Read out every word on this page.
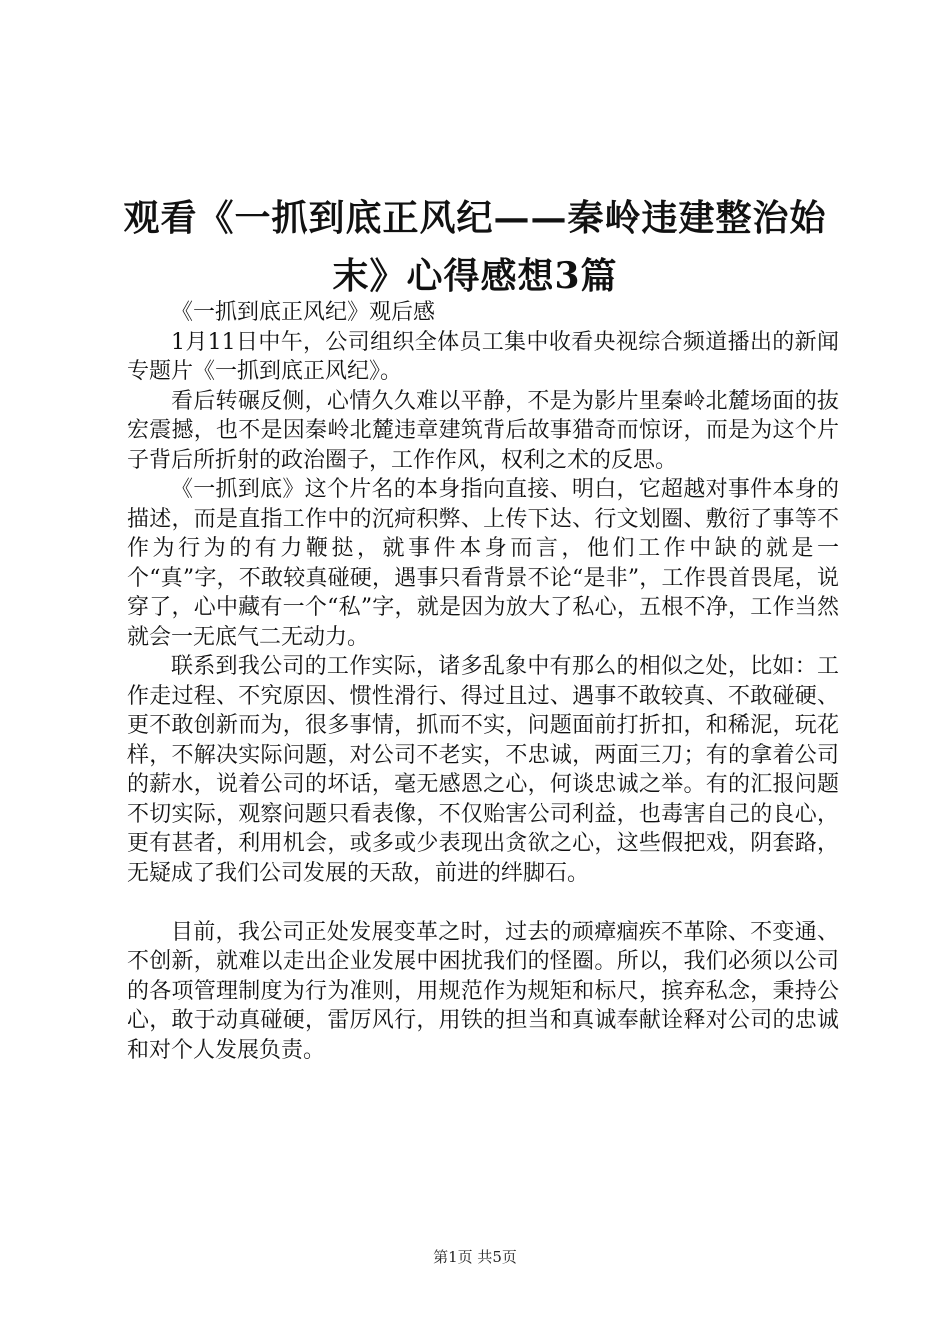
观看《一抓到底正风纪——秦岭违建整治始
末》心得感想3篇

《一抓到底正风纪》观后感

1月11日中午，公司组织全体员工集中收看央视综合频道播出的新闻专题片《一抓到底正风纪》。

看后转碾反侧，心情久久难以平静，不是为影片里秦岭北麓场面的抜宏震撼，也不是因秦岭北麓违章建筑背后故事猎奇而惊讶，而是为这个片子背后所折射的政治圈子，工作作风，权利之术的反思。

《一抓到底》这个片名的本身指向直接、明白，它超越对事件本身的描述，而是直指工作中的沉疴积弊、上传下达、行文划圈、敷衍了事等不作为行为的有力鞭挞，就事件本身而言，他们工作中缺的就是一个“真”字，不敢较真碰硬，遇事只看背景不论“是非”，工作畏首畏尾，说穿了，心中藏有一个“私”字，就是因为放大了私心，五根不净，工作当然就会一无底气二无动力。

联系到我公司的工作实际，诸多乱象中有那么的相似之处，比如：工作走过程、不究原因、惯性滑行、得过且过、遇事不敢较真、不敢碰硬、更不敢创新而为，很多事情，抓而不实，问题面前打折扣，和稀泥，玩花样，不解决实际问题，对公司不老实，不忠诚，两面三刀；有的拿着公司的薪水，说着公司的坏话，毫无感恩之心，何谈忠诚之举。有的汇报问题不切实际，观察问题只看表像，不仅贻害公司利益，也毒害自己的良心，更有甚者，利用机会，或多或少表现出贪欲之心，这些假把戏，阴套路，无疑成了我们公司发展的天敌，前进的绊脚石。

目前，我公司正处发展变革之时，过去的顽瘴痼疾不革除、不变通、不创新，就难以走出企业发展中困扰我们的怪圈。所以，我们必须以公司的各项管理制度为行为准则，用规范作为规矩和标尺，摈弃私念，秉持公心，敢于动真碰硬，雷厉风行，用铁的担当和真诚奉献诠释对公司的忠诚和对个人发展负责。

第1页 共5页
